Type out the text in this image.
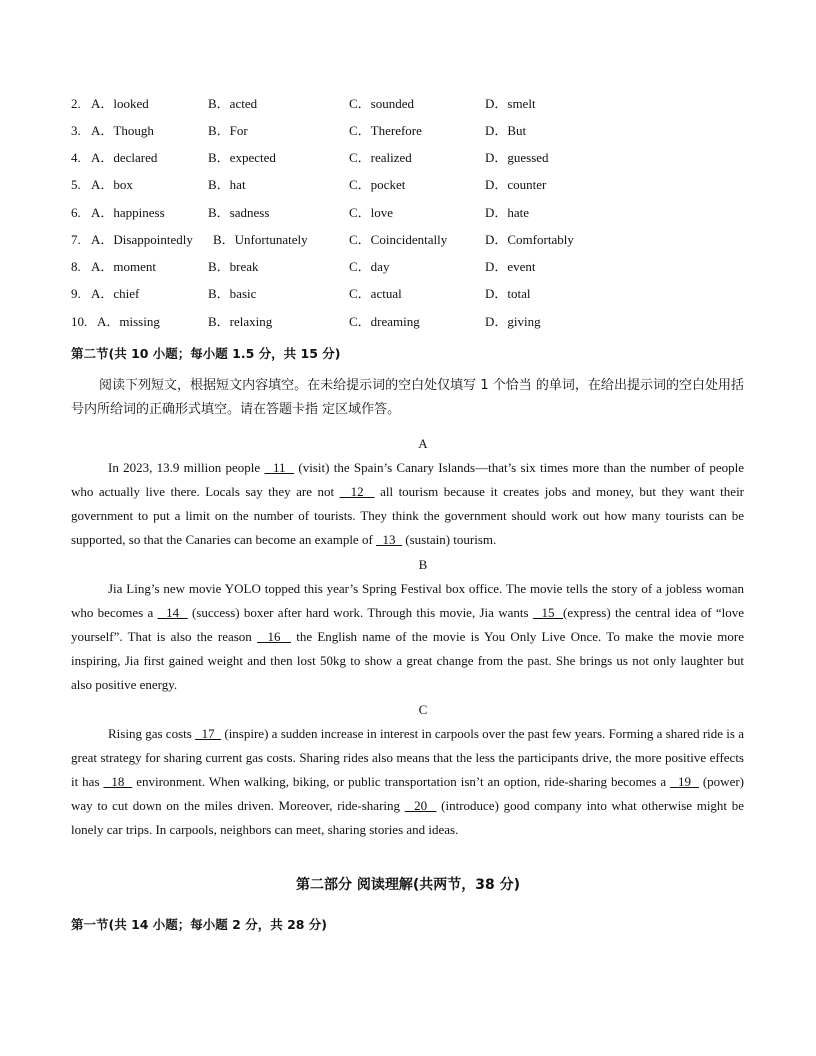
2. A．looked	B．acted	C．sounded	D．smelt
3. A．Though	B．For	C．Therefore	D．But
4. A．declared	B．expected	C．realized	D．guessed
5. A．box	B．hat	C．pocket	D．counter
6. A．happiness	B．sadness	C．love	D．hate
7. A．Disappointedly B．Unfortunately	C．Coincidentally	D．Comfortably
8. A．moment	B．break	C．day	D．event
9. A．chief	B．basic	C．actual	D．total
10. A．missing	B．relaxing	C．dreaming	D．giving
第二节(共 10 小题；每小题 1.5 分，共 15 分)
阅读下列短文，根据短文内容填空。在未给提示词的空白处仅填写 1 个恰当 的单词，在给出提示词的空白处用括号内所给词的正确形式填空。请在答题卡指 定区域作答。
A
In 2023, 13.9 million people   11   (visit) the Spain’s Canary Islands—that’s six times more than the number of people who actually live there. Locals say they are not   12   all tourism because it creates jobs and money, but they want their government to put a limit on the number of tourists. They think the government should work out how many tourists can be supported, so that the Canaries can become an example of   13   (sustain) tourism.
B
Jia Ling’s new movie YOLO topped this year’s Spring Festival box office. The movie tells the story of a jobless woman who becomes a   14   (success) boxer after hard work. Through this movie, Jia wants   15  (express) the central idea of “love yourself”. That is also the reason   16   the English name of the movie is You Only Live Once. To make the movie more inspiring, Jia first gained weight and then lost 50kg to show a great change from the past. She brings us not only laughter but also positive energy.
C
Rising gas costs   17   (inspire) a sudden increase in interest in carpools over the past few years. Forming a shared ride is a great strategy for sharing current gas costs. Sharing rides also means that the less the participants drive, the more positive effects it has   18   environment. When walking, biking, or public transportation isn’t an option, ride-sharing becomes a   19   (power) way to cut down on the miles driven. Moreover, ride-sharing   20   (introduce) good company into what otherwise might be lonely car trips. In carpools, neighbors can meet, sharing stories and ideas.
第二部分 阅读理解(共两节，38 分)
第一节(共 14 小题；每小题 2 分，共 28 分)
